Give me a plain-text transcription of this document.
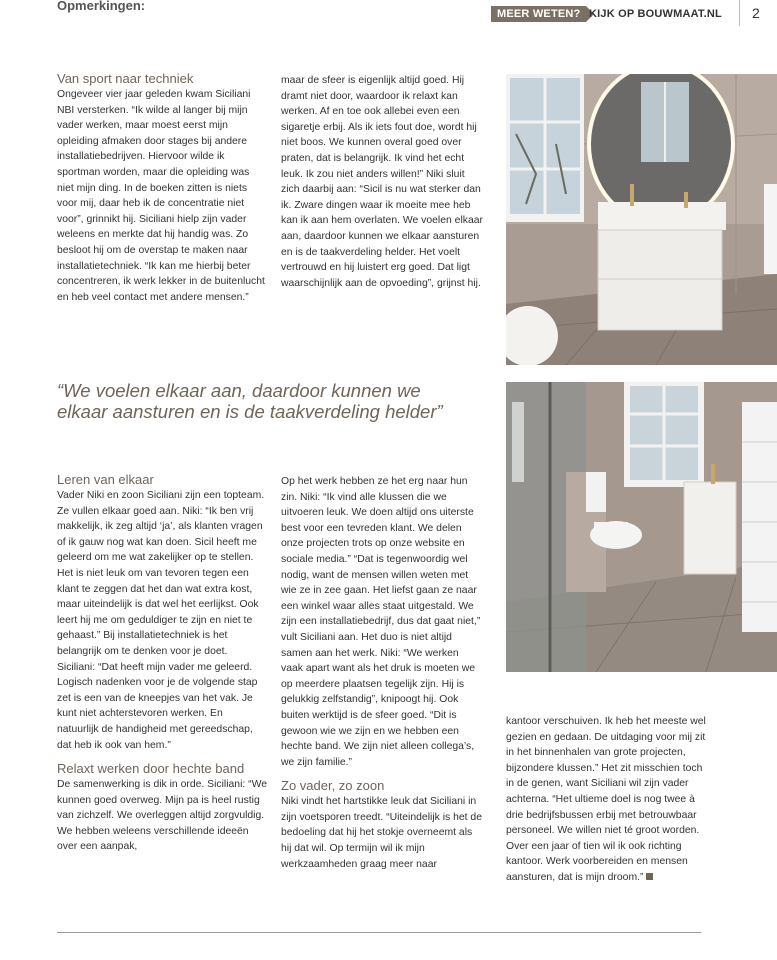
Opmerkingen:
MEER WETEN? KIJK OP BOUWMAAT.NL 2
Van sport naar techniek

Ongeveer vier jaar geleden kwam Siciliani NBI versterken. “Ik wilde al langer bij mijn vader werken, maar moest eerst mijn opleiding afmaken door stages bij andere installatiebedrijven. Hiervoor wilde ik sportman worden, maar die opleiding was niet mijn ding. In de boeken zitten is niets voor mij, daar heb ik de concentratie niet voor”, grinnikt hij. Siciliani hielp zijn vader weleens en merkte dat hij handig was. Zo besloot hij om de overstap te maken naar installatietechniek. “Ik kan me hierbij beter concentreren, ik werk lekker in de buitenlucht en heb veel contact met andere mensen.”

maar de sfeer is eigenlijk altijd goed. Hij dramt niet door, waardoor ik relaxt kan werken. Af en toe ook allebei even een sigaretje erbij. Als ik iets fout doe, wordt hij niet boos. We kunnen overal goed over praten, dat is belangrijk. Ik vind het echt leuk. Ik zou niet anders willen!” Niki sluit zich daarbij aan: “Sicil is nu wat sterker dan ik. Zware dingen waar ik moeite mee heb kan ik aan hem overlaten. We voelen elkaar aan, daardoor kunnen we elkaar aansturen en is de taakverdeling helder. Het voelt vertrouwd en hij luistert erg goed. Dat ligt waarschijnlijk aan de opvoeding”, grijnst hij.

“We voelen elkaar aan, daardoor kunnen we elkaar aansturen en is de taakverdeling helder”
Leren van elkaar

Vader Niki en zoon Siciliani zijn een topteam. Ze vullen elkaar goed aan. Niki: “Ik ben vrij makkelijk, ik zeg altijd ‘ja’, als klanten vragen of ik gauw nog wat kan doen. Sicil heeft me geleerd om me wat zakelijker op te stellen. Het is niet leuk om van tevoren tegen een klant te zeggen dat het dan wat extra kost, maar uiteindelijk is dat wel het eerlijkst. Ook leert hij me om geduldiger te zijn en niet te gehaast.” Bij installatietechniek is het belangrijk om te denken voor je doet. Siciliani: “Dat heeft mijn vader me geleerd. Logisch nadenken voor je de volgende stap zet is een van de kneepjes van het vak. Je kunt niet achterstevoren werken. En natuurlijk de handigheid met gereedschap, dat heb ik ook van hem.”

Relaxt werken door hechte band

De samenwerking is dik in orde. Siciliani: “We kunnen goed overweg. Mijn pa is heel rustig van zichzelf. We overleggen altijd zorgvuldig. We hebben weleens verschillende ideeën over een aanpak,

Op het werk hebben ze het erg naar hun zin. Niki: “Ik vind alle klussen die we uitvoeren leuk. We doen altijd ons uiterste best voor een tevreden klant. We delen onze projecten trots op onze website en sociale media.” “Dat is tegenwoordig wel nodig, want de mensen willen weten met wie ze in zee gaan. Het liefst gaan ze naar een winkel waar alles staat uitgestald. We zijn een installatiebedrijf, dus dat gaat niet,” vult Siciliani aan. Het duo is niet altijd samen aan het werk. Niki: “We werken vaak apart want als het druk is moeten we op meerdere plaatsen tegelijk zijn. Hij is gelukkig zelfstandig”, knipoogt hij. Ook buiten werktijd is de sfeer goed. “Dit is gewoon wie we zijn en we hebben een hechte band. We zijn niet alleen collega’s, we zijn familie.”

Zo vader, zo zoon

Niki vindt het hartstikke leuk dat Siciliani in zijn voetsporen treedt. “Uiteindelijk is het de bedoeling dat hij het stokje overneemt als hij dat wil. Op termijn wil ik mijn werkzaamheden graag meer naar

kantoor verschuiven. Ik heb het meeste wel gezien en gedaan. De uitdaging voor mij zit in het binnenhalen van grote projecten, bijzondere klussen.” Het zit misschien toch in de genen, want Siciliani wil zijn vader achterna. “Het ultieme doel is nog twee à drie bedrijfsbussen erbij met betrouwbaar personeel. We willen niet té groot worden. Over een jaar of tien wil ik ook richting kantoor. Werk voorbereiden en mensen aansturen, dat is mijn droom.”
